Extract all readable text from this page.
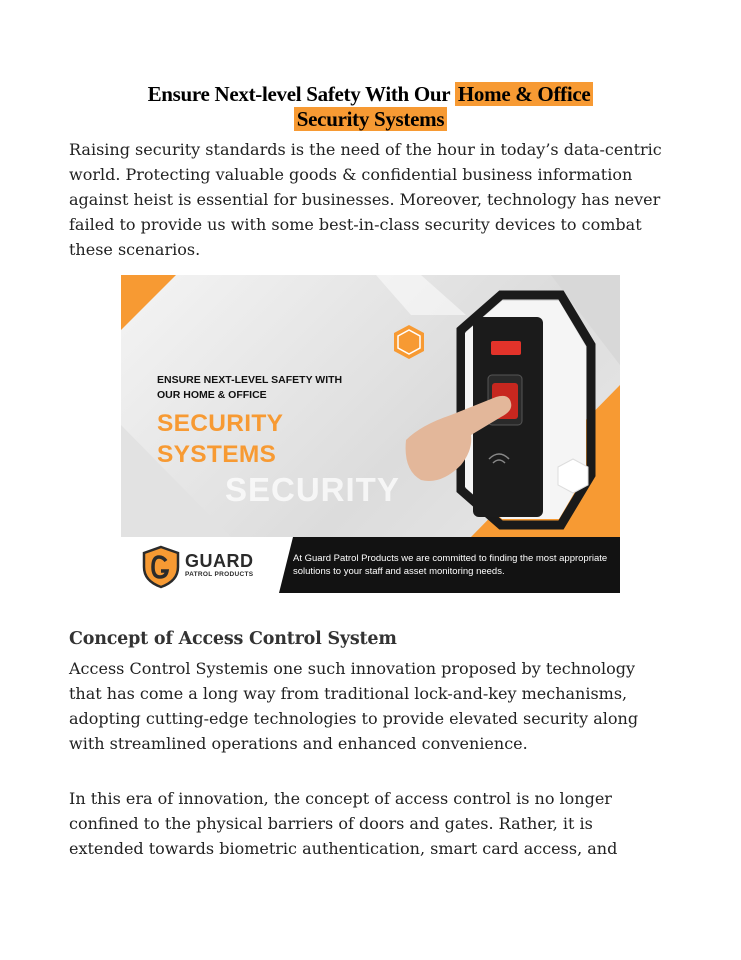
Ensure Next-level Safety With Our Home & Office
Security Systems

Raising security standards is the need of the hour in today’s data-centric world. Protecting valuable goods & confidential business information against heist is essential for businesses. Moreover, technology has never failed to provide us with some best-in-class security devices to combat these scenarios.

SECURITY
ENSURE NEXT-LEVEL SAFETY WITH
OUR HOME & OFFICE
SECURITY
SYSTEMS
GUARD
PATROL PRODUCTS
At Guard Patrol Products we are committed to finding the most appropriate solutions to your staff and asset monitoring needs.
Concept of Access Control System

Access Control Systemis one such innovation proposed by technology that has come a long way from traditional lock-and-key mechanisms, adopting cutting-edge technologies to provide elevated security along with streamlined operations and enhanced convenience.

In this era of innovation, the concept of access control is no longer confined to the physical barriers of doors and gates. Rather, it is extended towards biometric authentication, smart card access, and
